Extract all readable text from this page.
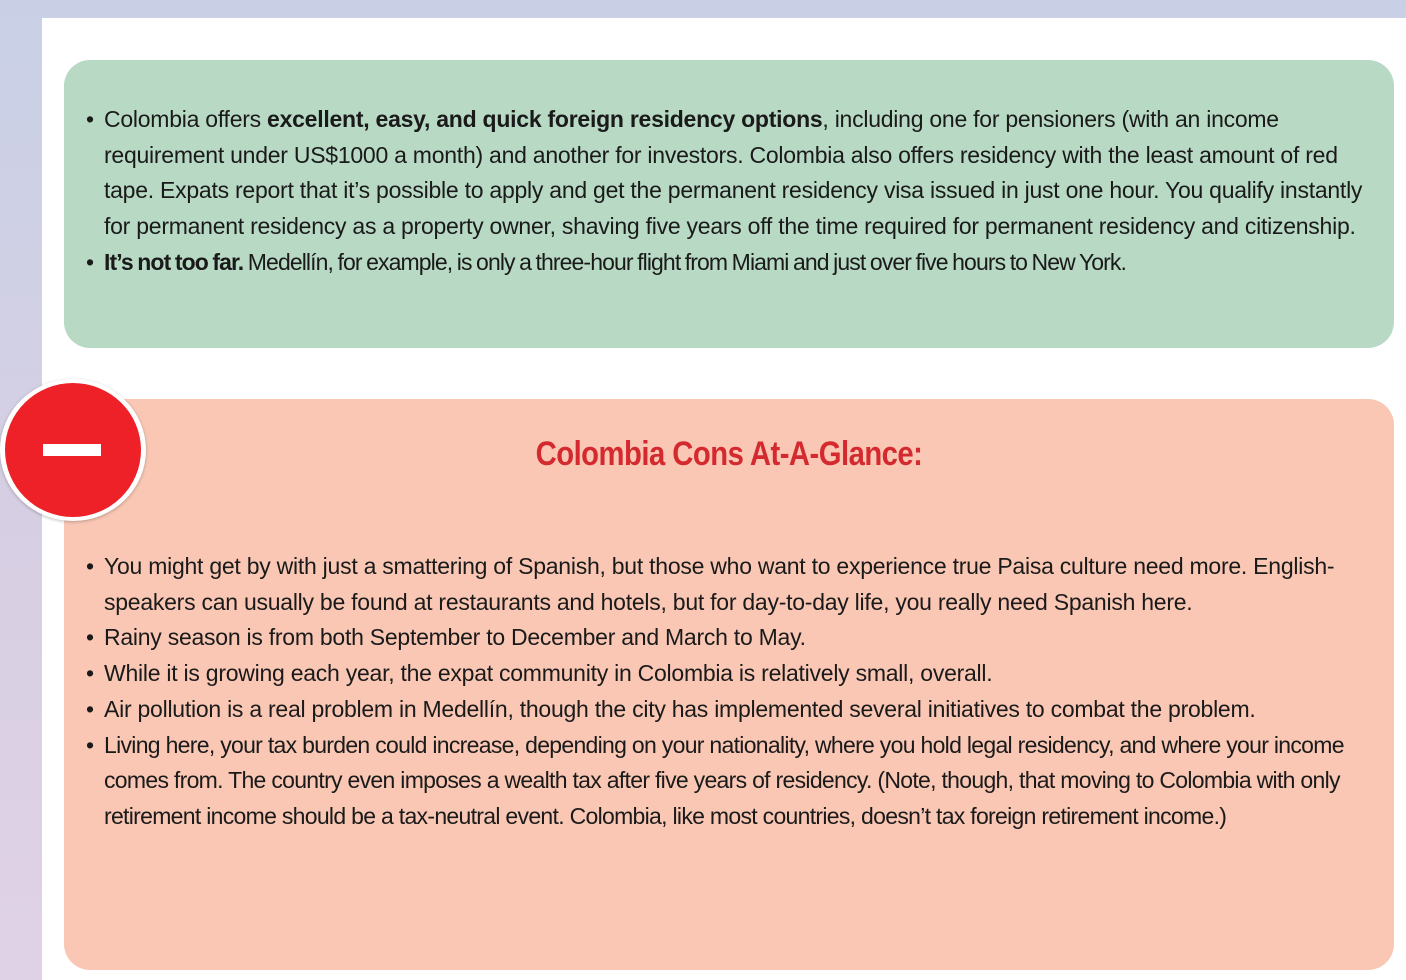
• Colombia offers excellent, easy, and quick foreign residency options, including one for pensioners (with an income requirement under US$1000 a month) and another for investors. Colombia also offers residency with the least amount of red tape. Expats report that it’s possible to apply and get the permanent residency visa issued in just one hour. You qualify instantly for permanent residency as a property owner, shaving five years off the time required for permanent residency and citizenship.
• It’s not too far. Medellín, for example, is only a three-hour flight from Miami and just over five hours to New York.
Colombia Cons At-A-Glance:
• You might get by with just a smattering of Spanish, but those who want to experience true Paisa culture need more. English-speakers can usually be found at restaurants and hotels, but for day-to-day life, you really need Spanish here.
• Rainy season is from both September to December and March to May.
• While it is growing each year, the expat community in Colombia is relatively small, overall.
• Air pollution is a real problem in Medellín, though the city has implemented several initiatives to combat the problem.
• Living here, your tax burden could increase, depending on your nationality, where you hold legal residency, and where your income comes from. The country even imposes a wealth tax after five years of residency. (Note, though, that moving to Colombia with only retirement income should be a tax-neutral event. Colombia, like most countries, doesn’t tax foreign retirement income.)
